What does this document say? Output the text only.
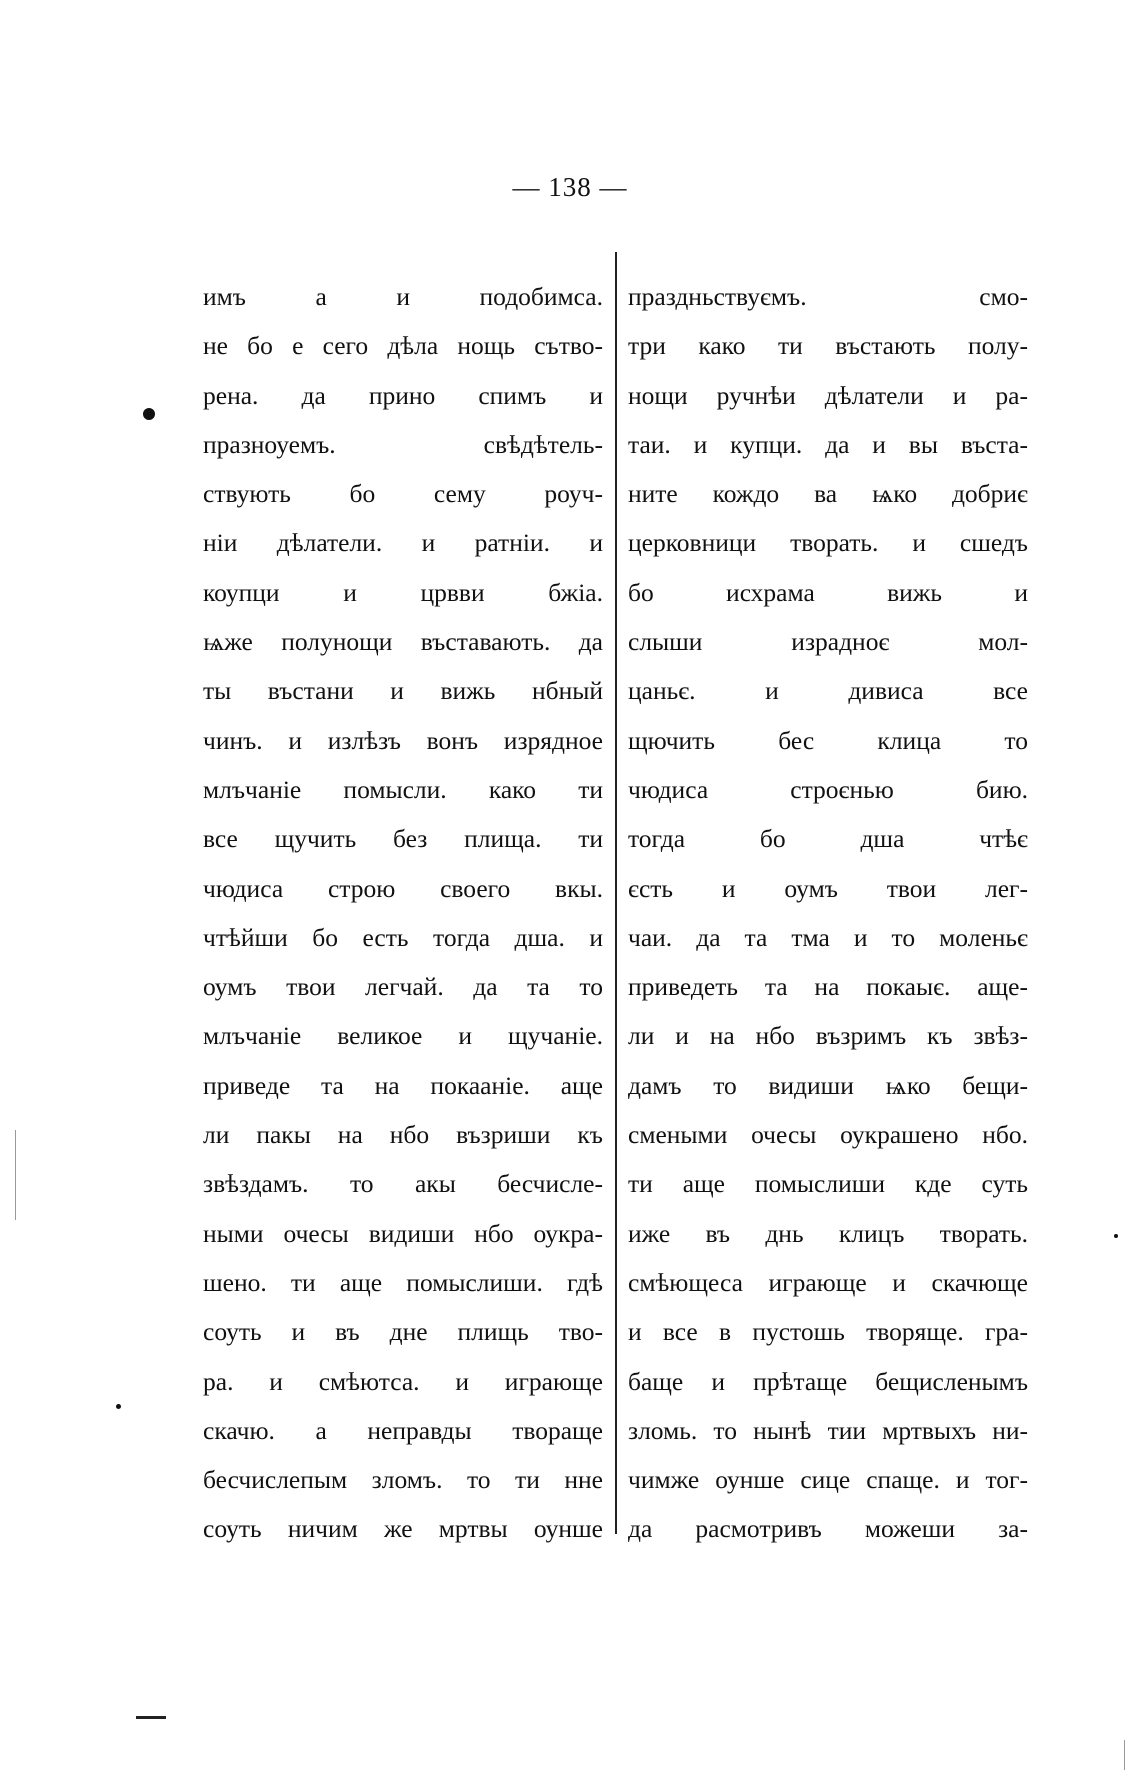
— 138 —
имъ а и подобимса.
не бо е сего дѣла нощь сътво-
рена. да прино спимъ и
празноуемъ. свѣдѣтель-
ствують бо сему роуч-
нiи дѣлатели. и ратнiи. и
коупци и црвви бжiа.
ѩже полунощи въставають. да
ты въстани и вижь нбный
чинъ. и излѣзъ вонъ изрядное
млъчанiе помысли. како ти
все щучить без плища. ти
чюдиса строю своего вкы.
чтѣйши бо есть тогда дша. и
оумъ твои легчай. да та то
млъчанiе великое и щучанiе.
приведе та на покаанiе. аще
ли пакы на нбо възриши къ
звѣздамъ. то акы бесчисле-
ными очесы видиши нбо оукра-
шено. ти аще помыслиши. гдѣ
соуть и въ дне плищь тво-
ра. и смѣютса. и играюще
скачю. а неправды твораще
бесчислепым зломъ. то ти нне
соуть ничим же мртвы оунше
праздньствуємъ. смо-
три како ти въстають полу-
нощи ручнѣи дѣлатели и ра-
таи. и купци. да и вы въста-
ните кождо ва ѩко добриє
церковници творать. и сшедъ
бо исхрама вижь и
слыши израдноє мол-
цаньє. и дивиса все
щючить бес клица то
чюдиса строєнью бию.
тогда бо дша чтѣє
єсть и оумъ твои лег-
чаи. да та тма и то моленьє
приведеть та на покаыє. аще-
ли и на нбо възримъ къ звѣз-
дамъ то видиши ѩко бещи-
смеными очесы оукрашено нбо.
ти аще помыслиши кде суть
иже въ днь клицъ творать.
смѣющеса играюще и скачюще
и все в пустошь творяще. гра-
баще и прѣтаще бещисленымъ
зломь. то нынѣ тии мртвыхъ ни-
чимже оунше сице спаще. и тог-
да расмотривъ можеши за-
